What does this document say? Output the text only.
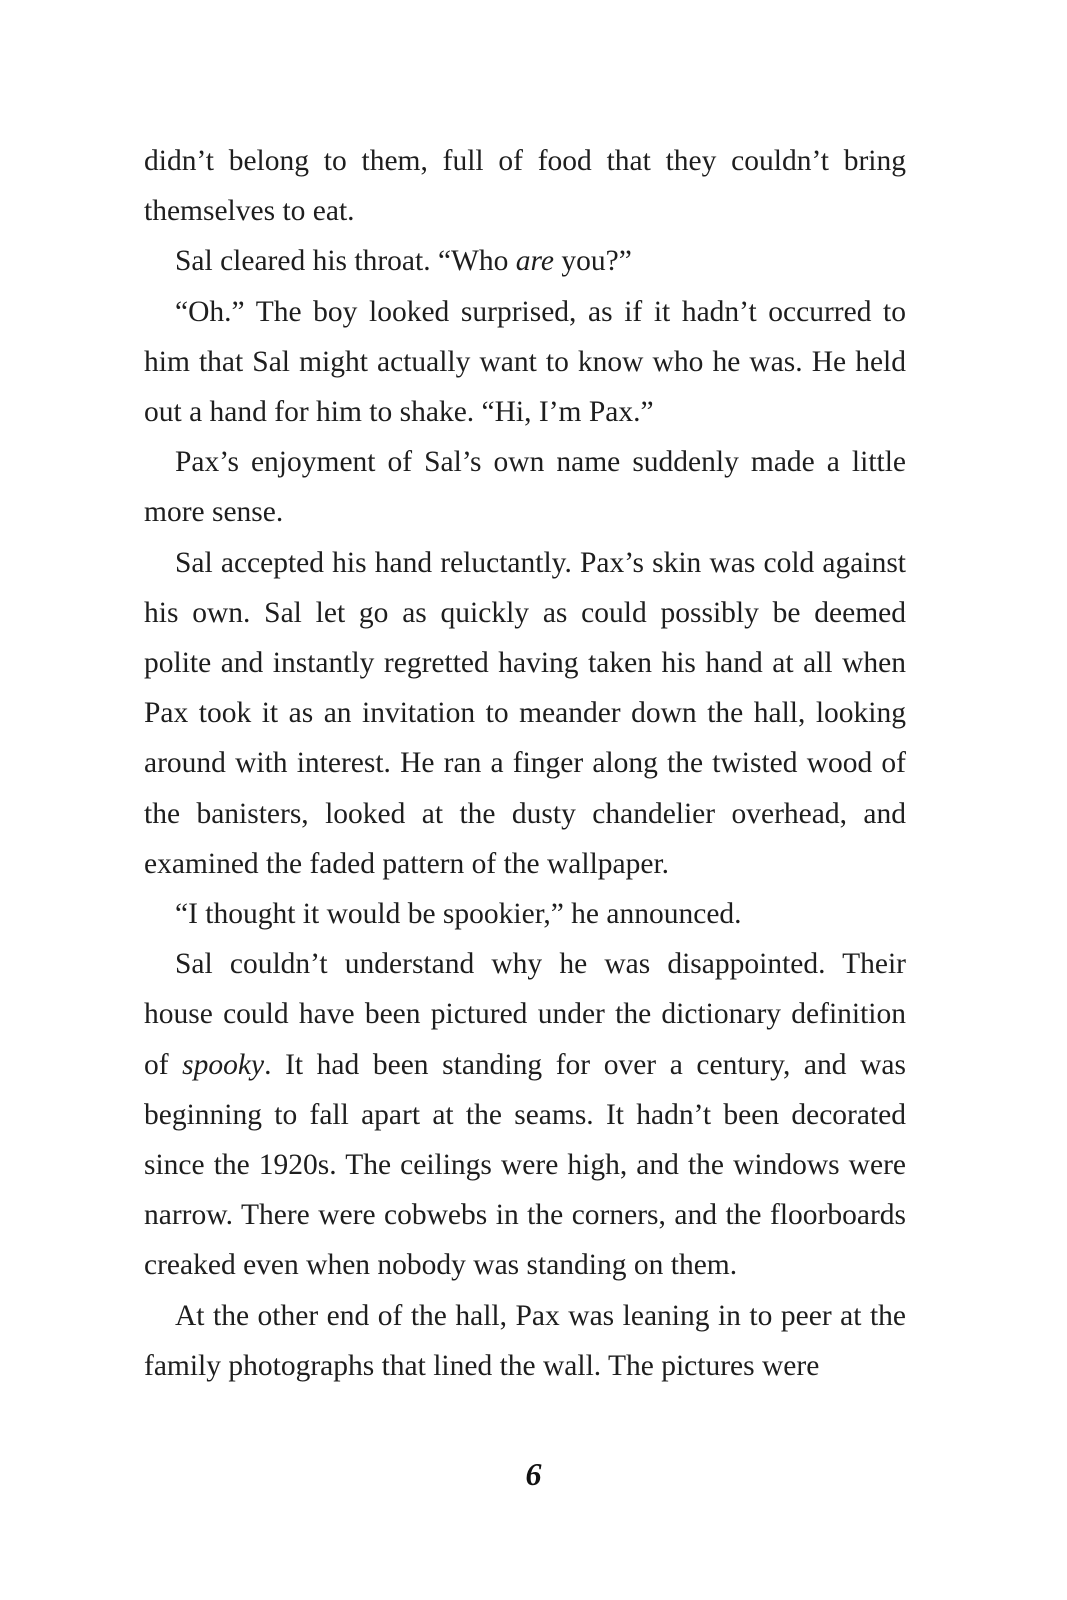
didn’t belong to them, full of food that they couldn’t bring themselves to eat.

Sal cleared his throat. “Who are you?”

“Oh.” The boy looked surprised, as if it hadn’t occurred to him that Sal might actually want to know who he was. He held out a hand for him to shake. “Hi, I’m Pax.”

Pax’s enjoyment of Sal’s own name suddenly made a little more sense.

Sal accepted his hand reluctantly. Pax’s skin was cold against his own. Sal let go as quickly as could possibly be deemed polite and instantly regretted having taken his hand at all when Pax took it as an invitation to meander down the hall, looking around with interest. He ran a finger along the twisted wood of the banisters, looked at the dusty chandelier overhead, and examined the faded pattern of the wallpaper.

“I thought it would be spookier,” he announced.

Sal couldn’t understand why he was disappointed. Their house could have been pictured under the dictionary definition of spooky. It had been standing for over a century, and was beginning to fall apart at the seams. It hadn’t been decorated since the 1920s. The ceilings were high, and the windows were narrow. There were cobwebs in the corners, and the floorboards creaked even when nobody was standing on them.

At the other end of the hall, Pax was leaning in to peer at the family photographs that lined the wall. The pictures were

6
